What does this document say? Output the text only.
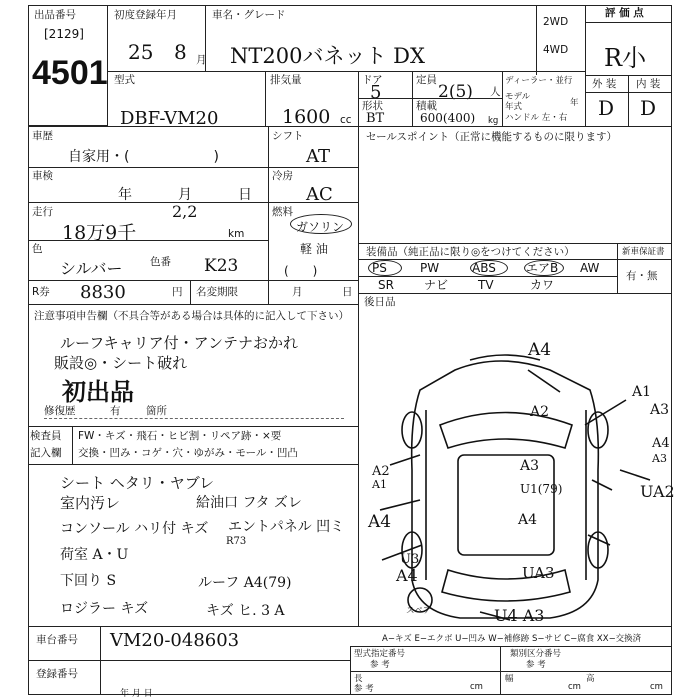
出品番号
[2129]
4501
初度登録年月
25 8 月
車名・グレード
NT200バネット DX
2WD
4WD
評 価 点
R小
型式
DBF-VM20
排気量
1600 cc
ドア
5
定員
2(5) 人
形状
BT
積載
600(400) kg
ディーラー・並行
モデル 年式	年
ハンドル 左・右
外 装 内 装
D D
車歴
自家用・(　　　　　　)
車検
年	月	日
走行
18万9千
2,2
km
色
シルバー	色番 K23
R券 8830	円 名変期限	月	日
シフト
AT
冷房
AC
燃料
ガソリン
軽 油
(　　)
セールスポイント（正常に機能するものに限ります）
装備品（純正品に限り◎をつけてください）	新車保証書
有・無
PS	PW	ABS	エアB AW
SR	ナビ TV	カワ
後日品
注意事項申告欄（不具合等がある場合は具体的に記入して下さい）
ルーフキャリア付・アンテナおかれ
販設◎・シート破れ
初出品
修復歴	有 箇所
検査員
記入欄
FW・キズ・飛石・ヒビ割・リペア跡・×要
交換・凹み・コゲ・穴・ゆがみ・モール・凹凸
シート ヘタリ・ヤブレ
室内汚レ	給油口 フタ ズレ
コンソール ハリ付 キズ エントパネル 凹ミ
荷室 A・U
R73
下回り S	ルーフ A4(79)
ロジラー キズ	キズ ヒ. 3 A
A4
A2
A1
A3
A4
A3
UA2
A3
U1(79)
A2
A1
A4	A4
U3
A4	UA3
U4 A3
スペア
車台番号 VM20-048603
登録番号
年 月 日
A−キズ E−エクボ U−凹み W−補修跡 S−サビ C−腐食 XX−交換済
型式指定番号
参 考
類別区分番号
参 考
長
参 考	cm
幅
cm
高
cm
